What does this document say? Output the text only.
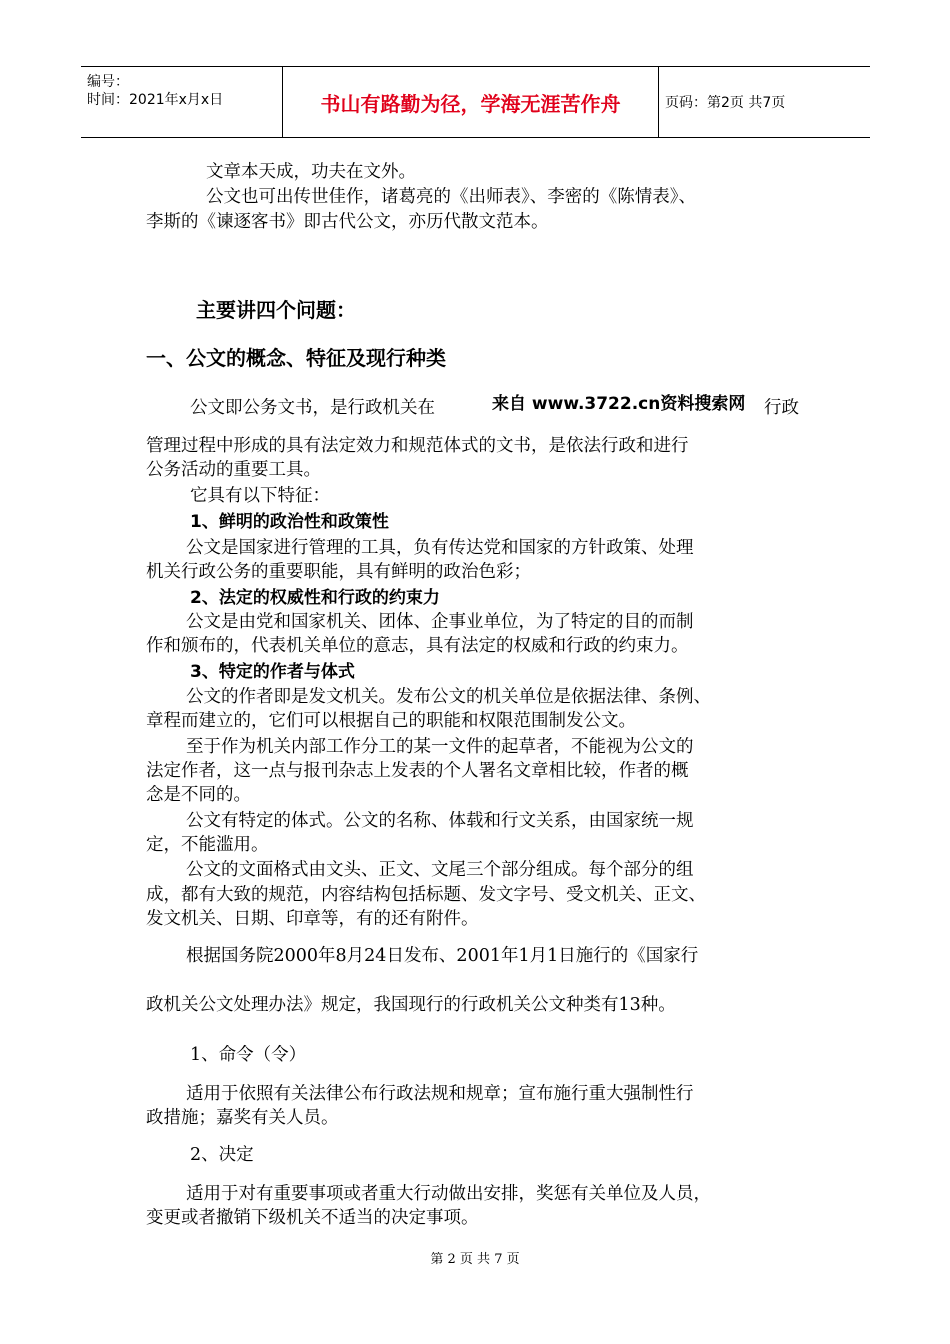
编号：
时间：2021年x月x日	书山有路勤为径，学海无涯苦作舟	页码：第2页 共7页
文章本天成，功夫在文外。
公文也可出传世佳作，诸葛亮的《出师表》、李密的《陈情表》、
李斯的《谏逐客书》即古代公文，亦历代散文范本。
主要讲四个问题：
一、公文的概念、特征及现行种类
公文即公务文书，是行政机关在	来自 www.3722.cn资料搜索网 行政
管理过程中形成的具有法定效力和规范体式的文书，是依法行政和进行
公务活动的重要工具。
它具有以下特征：
1、鲜明的政治性和政策性
公文是国家进行管理的工具，负有传达党和国家的方针政策、处理
机关行政公务的重要职能，具有鲜明的政治色彩；
2、法定的权威性和行政的约束力
公文是由党和国家机关、团体、企事业单位，为了特定的目的而制
作和颁布的，代表机关单位的意志，具有法定的权威和行政的约束力。
3、特定的作者与体式
公文的作者即是发文机关。发布公文的机关单位是依据法律、条例、
章程而建立的，它们可以根据自己的职能和权限范围制发公文。
至于作为机关内部工作分工的某一文件的起草者，不能视为公文的
法定作者，这一点与报刊杂志上发表的个人署名文章相比较，作者的概
念是不同的。
公文有特定的体式。公文的名称、体载和行文关系，由国家统一规
定，不能滥用。
公文的文面格式由文头、正文、文尾三个部分组成。每个部分的组
成，都有大致的规范，内容结构包括标题、发文字号、受文机关、正文、
发文机关、日期、印章等，有的还有附件。
根据国务院2000年8月24日发布、2001年1月1日施行的《国家行
政机关公文处理办法》规定，我国现行的行政机关公文种类有13种。
1、命令（令）
适用于依照有关法律公布行政法规和规章；宣布施行重大强制性行
政措施；嘉奖有关人员。
2、决定
适用于对有重要事项或者重大行动做出安排，奖惩有关单位及人员，
变更或者撤销下级机关不适当的决定事项。
第 2 页 共 7 页
